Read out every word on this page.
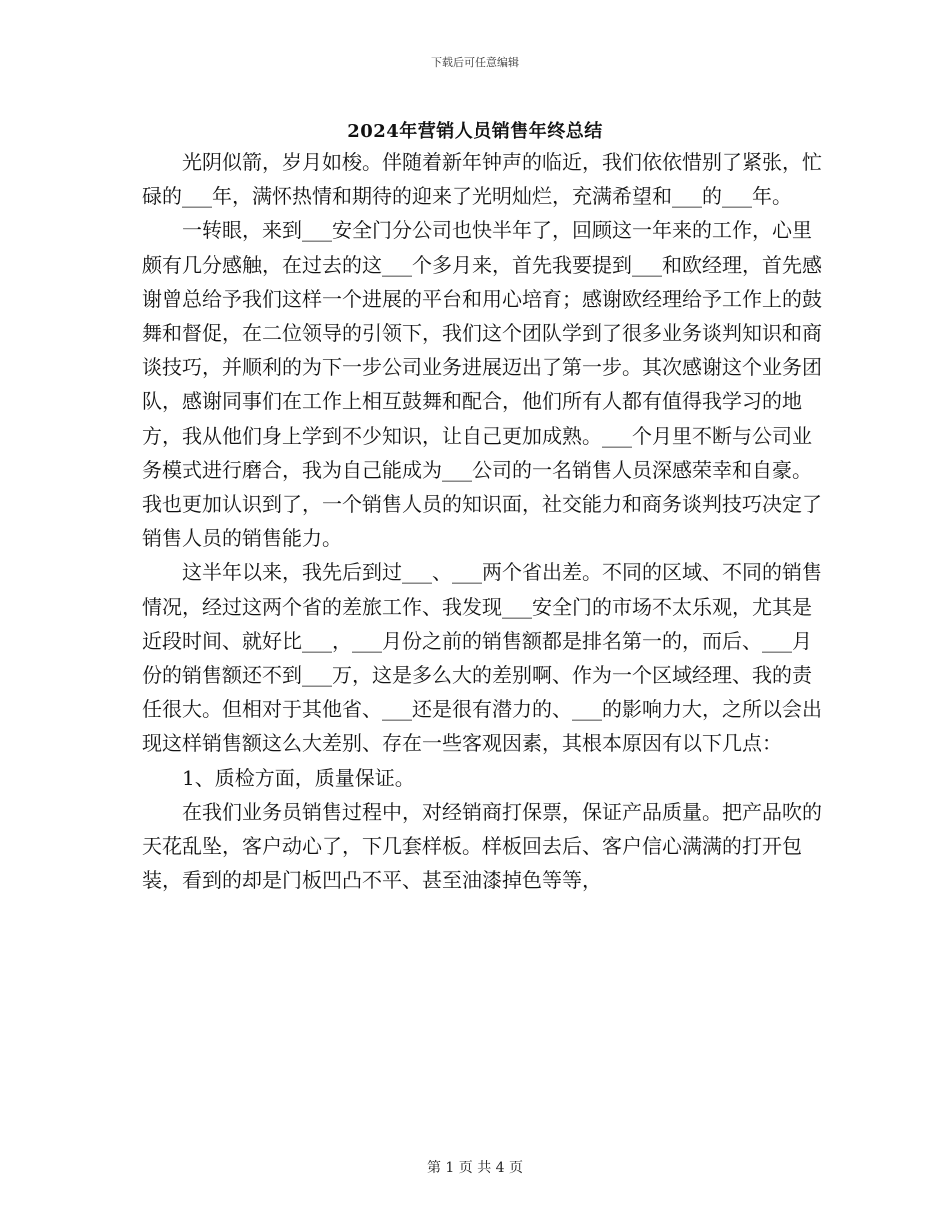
下载后可任意编辑
2024年营销人员销售年终总结

光阴似箭，岁月如梭。伴随着新年钟声的临近，我们依依惜别了紧张，忙碌的___年，满怀热情和期待的迎来了光明灿烂，充满希望和___的___年。

一转眼，来到___安全门分公司也快半年了，回顾这一年来的工作，心里颇有几分感触，在过去的这___个多月来，首先我要提到___和欧经理，首先感谢曾总给予我们这样一个进展的平台和用心培育；感谢欧经理给予工作上的鼓舞和督促，在二位领导的引领下，我们这个团队学到了很多业务谈判知识和商谈技巧，并顺利的为下一步公司业务进展迈出了第一步。其次感谢这个业务团队，感谢同事们在工作上相互鼓舞和配合，他们所有人都有值得我学习的地方，我从他们身上学到不少知识，让自己更加成熟。___个月里不断与公司业务模式进行磨合，我为自己能成为___公司的一名销售人员深感荣幸和自豪。我也更加认识到了，一个销售人员的知识面，社交能力和商务谈判技巧决定了销售人员的销售能力。

这半年以来，我先后到过___、___两个省出差。不同的区域、不同的销售情况，经过这两个省的差旅工作、我发现___安全门的市场不太乐观，尤其是近段时间、就好比___，___月份之前的销售额都是排名第一的，而后、___月份的销售额还不到___万，这是多么大的差别啊、作为一个区域经理、我的责任很大。但相对于其他省、___还是很有潜力的、___的影响力大，之所以会出现这样销售额这么大差别、存在一些客观因素，其根本原因有以下几点：

1、质检方面，质量保证。

在我们业务员销售过程中，对经销商打保票，保证产品质量。把产品吹的天花乱坠，客户动心了，下几套样板。样板回去后、客户信心满满的打开包装，看到的却是门板凹凸不平、甚至油漆掉色等等，

第 1 页 共 4 页
